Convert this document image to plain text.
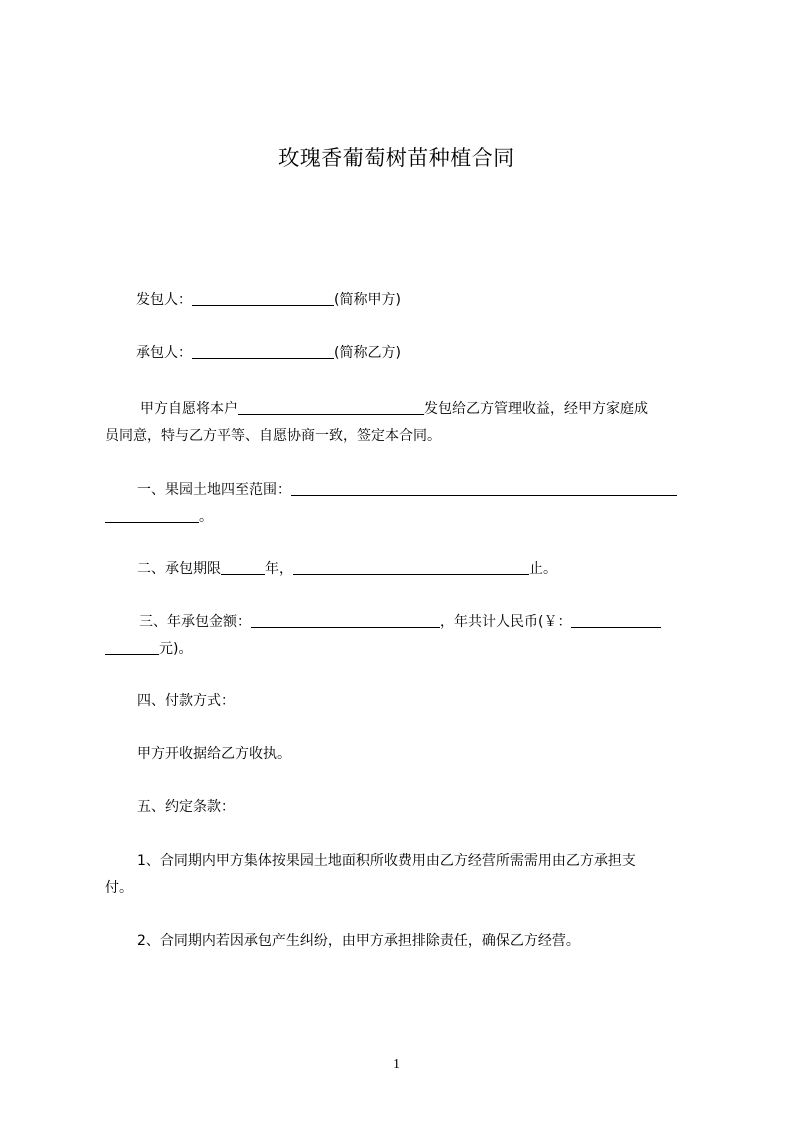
玫瑰香葡萄树苗种植合同
发包人：	(简称甲方)
承包人：	(简称乙方)
甲方自愿将本户	发包给乙方管理收益，经甲方家庭成
员同意，特与乙方平等、自愿协商一致，签定本合同。
一、果园土地四至范围：
。
二、承包期限	年，	止。
三、年承包金额：	，年共计人民币(￥：
元)。
四、付款方式：
甲方开收据给乙方收执。
五、约定条款：
1、合同期内甲方集体按果园土地面积所收费用由乙方经营所需需用由乙方承担支
付。
2、合同期内若因承包产生纠纷，由甲方承担排除责任，确保乙方经营。
1
